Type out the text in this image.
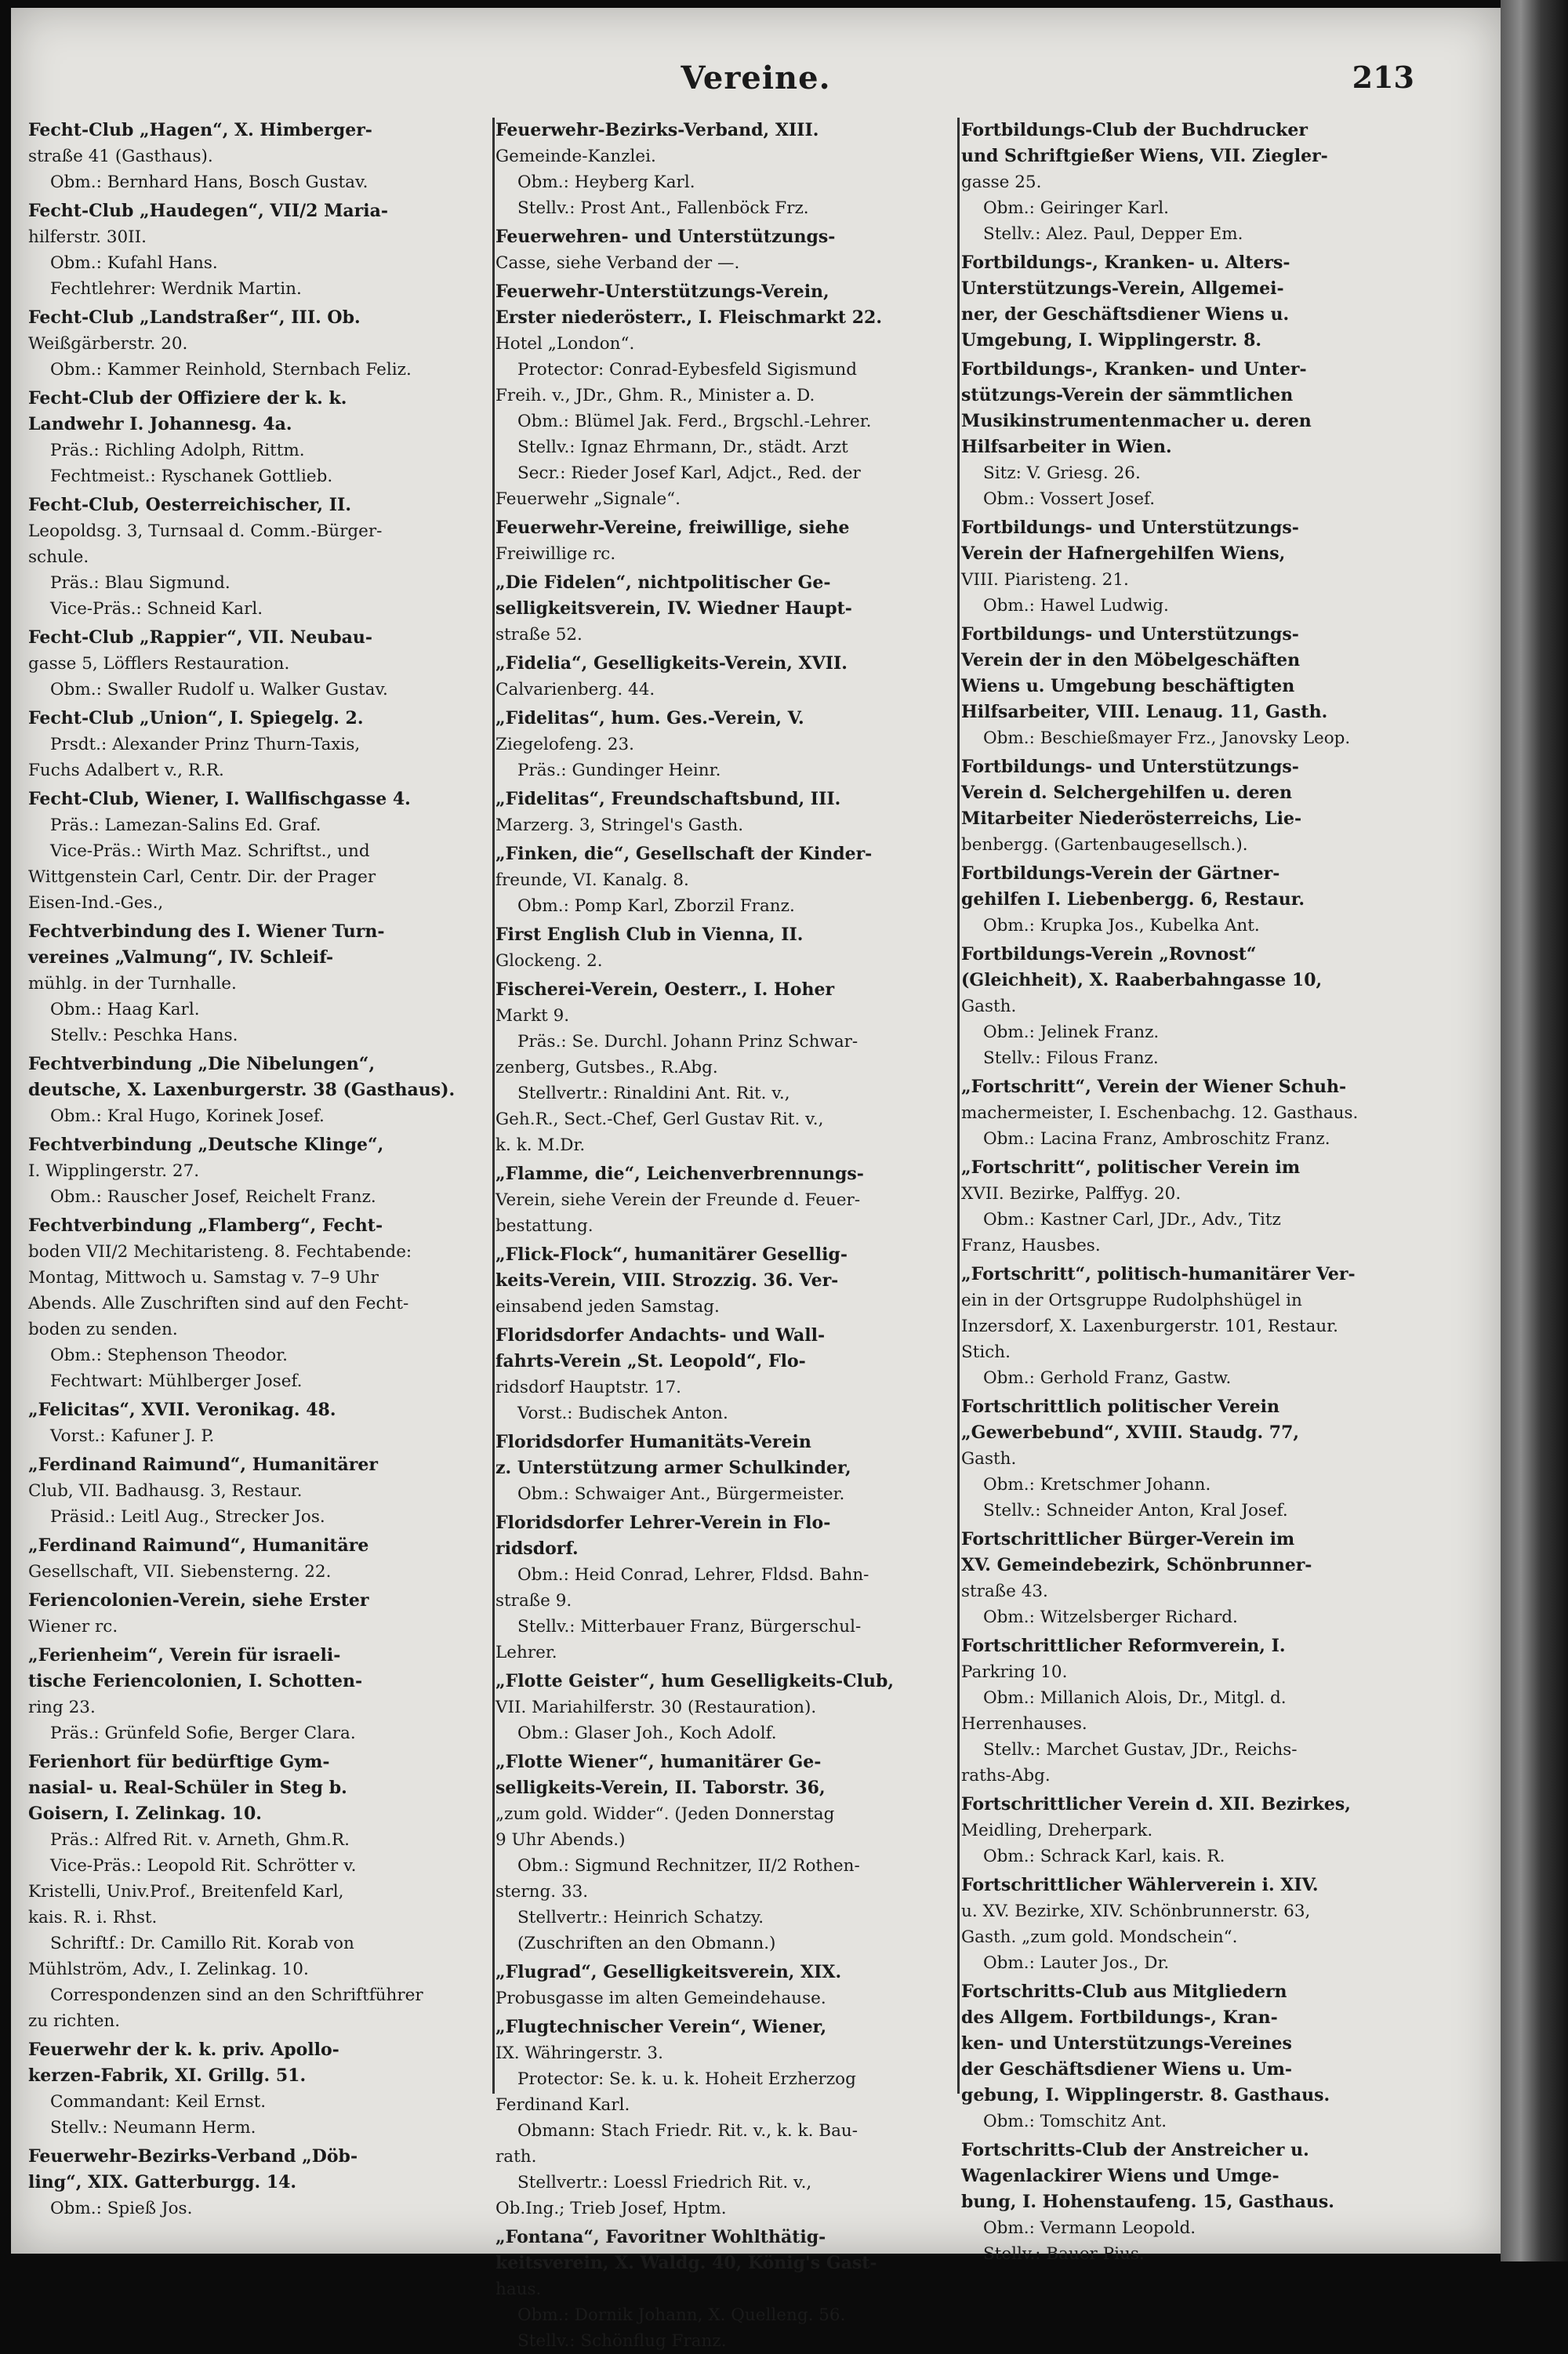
Vereine.	213
Fecht-Club „Hagen“, X. Himberger-
straße 41 (Gasthaus).
Obm.: Bernhard Hans, Bosch Gustav.
Fecht-Club „Haudegen“, VII/2 Maria-
hilferstr. 30II.
Obm.: Kufahl Hans.
Fechtlehrer: Werdnik Martin.
Fecht-Club „Landstraßer“, III. Ob.
Weißgärberstr. 20.
Obm.: Kammer Reinhold, Sternbach Feliz.
Fecht-Club der Offiziere der k. k.
Landwehr I. Johannesg. 4a.
Präs.: Richling Adolph, Rittm.
Fechtmeist.: Ryschanek Gottlieb.
Fecht-Club, Oesterreichischer, II.
Leopoldsg. 3, Turnsaal d. Comm.-Bürger-
schule.
Präs.: Blau Sigmund.
Vice-Präs.: Schneid Karl.
Fecht-Club „Rappier“, VII. Neubau-
gasse 5, Löfflers Restauration.
Obm.: Swaller Rudolf u. Walker Gustav.
Fecht-Club „Union“, I. Spiegelg. 2.
Prsdt.: Alexander Prinz Thurn-Taxis,
Fuchs Adalbert v., R.R.
Fecht-Club, Wiener, I. Wallfischgasse 4.
Präs.: Lamezan-Salins Ed. Graf.
Vice-Präs.: Wirth Maz. Schriftst., und
Wittgenstein Carl, Centr. Dir. der Prager
Eisen-Ind.-Ges.,
Fechtverbindung des I. Wiener Turn-
vereines „Valmung“, IV. Schleif-
mühlg. in der Turnhalle.
Obm.: Haag Karl.
Stellv.: Peschka Hans.
Fechtverbindung „Die Nibelungen“,
deutsche, X. Laxenburgerstr. 38 (Gasthaus).
Obm.: Kral Hugo, Korinek Josef.
Fechtverbindung „Deutsche Klinge“,
I. Wipplingerstr. 27.
Obm.: Rauscher Josef, Reichelt Franz.
Fechtverbindung „Flamberg“, Fecht-
boden VII/2 Mechitaristeng. 8. Fechtabende:
Montag, Mittwoch u. Samstag v. 7–9 Uhr
Abends. Alle Zuschriften sind auf den Fecht-
boden zu senden.
Obm.: Stephenson Theodor.
Fechtwart: Mühlberger Josef.
„Felicitas“, XVII. Veronikag. 48.
Vorst.: Kafuner J. P.
„Ferdinand Raimund“, Humanitärer
Club, VII. Badhausg. 3, Restaur.
Präsid.: Leitl Aug., Strecker Jos.
„Ferdinand Raimund“, Humanitäre
Gesellschaft, VII. Siebensterng. 22.
Feriencolonien-Verein, siehe Erster
Wiener rc.
„Ferienheim“, Verein für israeli-
tische Feriencolonien, I. Schotten-
ring 23.
Präs.: Grünfeld Sofie, Berger Clara.
Ferienhort für bedürftige Gym-
nasial- u. Real-Schüler in Steg b.
Goisern, I. Zelinkag. 10.
Präs.: Alfred Rit. v. Arneth, Ghm.R.
Vice-Präs.: Leopold Rit. Schrötter v.
Kristelli, Univ.Prof., Breitenfeld Karl,
kais. R. i. Rhst.
Schriftf.: Dr. Camillo Rit. Korab von
Mühlström, Adv., I. Zelinkag. 10.
Correspondenzen sind an den Schriftführer
zu richten.
Feuerwehr der k. k. priv. Apollo-
kerzen-Fabrik, XI. Grillg. 51.
Commandant: Keil Ernst.
Stellv.: Neumann Herm.
Feuerwehr-Bezirks-Verband „Döb-
ling“, XIX. Gatterburgg. 14.
Obm.: Spieß Jos.
Feuerwehr-Bezirks-Verband, XIII.
Gemeinde-Kanzlei.
Obm.: Heyberg Karl.
Stellv.: Prost Ant., Fallenböck Frz.
Feuerwehren- und Unterstützungs-
Casse, siehe Verband der —.
Feuerwehr-Unterstützungs-Verein,
Erster niederösterr., I. Fleischmarkt 22.
Hotel „London“.
Protector: Conrad-Eybesfeld Sigismund
Freih. v., JDr., Ghm. R., Minister a. D.
Obm.: Blümel Jak. Ferd., Brgschl.-Lehrer.
Stellv.: Ignaz Ehrmann, Dr., städt. Arzt
Secr.: Rieder Josef Karl, Adjct., Red. der
Feuerwehr „Signale“.
Feuerwehr-Vereine, freiwillige, siehe
Freiwillige rc.
„Die Fidelen“, nichtpolitischer Ge-
selligkeitsverein, IV. Wiedner Haupt-
straße 52.
„Fidelia“, Geselligkeits-Verein, XVII.
Calvarienberg. 44.
„Fidelitas“, hum. Ges.-Verein, V.
Ziegelofeng. 23.
Präs.: Gundinger Heinr.
„Fidelitas“, Freundschaftsbund, III.
Marzerg. 3, Stringel's Gasth.
„Finken, die“, Gesellschaft der Kinder-
freunde, VI. Kanalg. 8.
Obm.: Pomp Karl, Zborzil Franz.
First English Club in Vienna, II.
Glockeng. 2.
Fischerei-Verein, Oesterr., I. Hoher
Markt 9.
Präs.: Se. Durchl. Johann Prinz Schwar-
zenberg, Gutsbes., R.Abg.
Stellvertr.: Rinaldini Ant. Rit. v.,
Geh.R., Sect.-Chef, Gerl Gustav Rit. v.,
k. k. M.Dr.
„Flamme, die“, Leichenverbrennungs-
Verein, siehe Verein der Freunde d. Feuer-
bestattung.
„Flick-Flock“, humanitärer Gesellig-
keits-Verein, VIII. Strozzig. 36. Ver-
einsabend jeden Samstag.
Floridsdorfer Andachts- und Wall-
fahrts-Verein „St. Leopold“, Flo-
ridsdorf Hauptstr. 17.
Vorst.: Budischek Anton.
Floridsdorfer Humanitäts-Verein
z. Unterstützung armer Schulkinder,
Obm.: Schwaiger Ant., Bürgermeister.
Floridsdorfer Lehrer-Verein in Flo-
ridsdorf.
Obm.: Heid Conrad, Lehrer, Fldsd. Bahn-
straße 9.
Stellv.: Mitterbauer Franz, Bürgerschul-
Lehrer.
„Flotte Geister“, hum Geselligkeits-Club,
VII. Mariahilferstr. 30 (Restauration).
Obm.: Glaser Joh., Koch Adolf.
„Flotte Wiener“, humanitärer Ge-
selligkeits-Verein, II. Taborstr. 36,
„zum gold. Widder“. (Jeden Donnerstag
9 Uhr Abends.)
Obm.: Sigmund Rechnitzer, II/2 Rothen-
sterng. 33.
Stellvertr.: Heinrich Schatzy.
(Zuschriften an den Obmann.)
„Flugrad“, Geselligkeitsverein, XIX.
Probusgasse im alten Gemeindehause.
„Flugtechnischer Verein“, Wiener,
IX. Währingerstr. 3.
Protector: Se. k. u. k. Hoheit Erzherzog
Ferdinand Karl.
Obmann: Stach Friedr. Rit. v., k. k. Bau-
rath.
Stellvertr.: Loessl Friedrich Rit. v.,
Ob.Ing.; Trieb Josef, Hptm.
„Fontana“, Favoritner Wohlthätig-
keitsverein, X. Waldg. 40, König's Gast-
haus.
Obm.: Dornik Johann, X. Quelleng. 56.
Stellv.: Schönflug Franz.
Fortbildungs-Club der Buchdrucker
und Schriftgießer Wiens, VII. Ziegler-
gasse 25.
Obm.: Geiringer Karl.
Stellv.: Alez. Paul, Depper Em.
Fortbildungs-, Kranken- u. Alters-
Unterstützungs-Verein, Allgemei-
ner, der Geschäftsdiener Wiens u.
Umgebung, I. Wipplingerstr. 8.
Fortbildungs-, Kranken- und Unter-
stützungs-Verein der sämmtlichen
Musikinstrumentenmacher u. deren
Hilfsarbeiter in Wien.
Sitz: V. Griesg. 26.
Obm.: Vossert Josef.
Fortbildungs- und Unterstützungs-
Verein der Hafnergehilfen Wiens,
VIII. Piaristeng. 21.
Obm.: Hawel Ludwig.
Fortbildungs- und Unterstützungs-
Verein der in den Möbelgeschäften
Wiens u. Umgebung beschäftigten
Hilfsarbeiter, VIII. Lenaug. 11, Gasth.
Obm.: Beschießmayer Frz., Janovsky Leop.
Fortbildungs- und Unterstützungs-
Verein d. Selchergehilfen u. deren
Mitarbeiter Niederösterreichs, Lie-
benbergg. (Gartenbaugesellsch.).
Fortbildungs-Verein der Gärtner-
gehilfen I. Liebenbergg. 6, Restaur.
Obm.: Krupka Jos., Kubelka Ant.
Fortbildungs-Verein „Rovnost“
(Gleichheit), X. Raaberbahngasse 10,
Gasth.
Obm.: Jelinek Franz.
Stellv.: Filous Franz.
„Fortschritt“, Verein der Wiener Schuh-
machermeister, I. Eschenbachg. 12. Gasthaus.
Obm.: Lacina Franz, Ambroschitz Franz.
„Fortschritt“, politischer Verein im
XVII. Bezirke, Palffyg. 20.
Obm.: Kastner Carl, JDr., Adv., Titz
Franz, Hausbes.
„Fortschritt“, politisch-humanitärer Ver-
ein in der Ortsgruppe Rudolphshügel in
Inzersdorf, X. Laxenburgerstr. 101, Restaur.
Stich.
Obm.: Gerhold Franz, Gastw.
Fortschrittlich politischer Verein
„Gewerbebund“, XVIII. Staudg. 77,
Gasth.
Obm.: Kretschmer Johann.
Stellv.: Schneider Anton, Kral Josef.
Fortschrittlicher Bürger-Verein im
XV. Gemeindebezirk, Schönbrunner-
straße 43.
Obm.: Witzelsberger Richard.
Fortschrittlicher Reformverein, I.
Parkring 10.
Obm.: Millanich Alois, Dr., Mitgl. d.
Herrenhauses.
Stellv.: Marchet Gustav, JDr., Reichs-
raths-Abg.
Fortschrittlicher Verein d. XII. Bezirkes,
Meidling, Dreherpark.
Obm.: Schrack Karl, kais. R.
Fortschrittlicher Wählerverein i. XIV.
u. XV. Bezirke, XIV. Schönbrunnerstr. 63,
Gasth. „zum gold. Mondschein“.
Obm.: Lauter Jos., Dr.
Fortschritts-Club aus Mitgliedern
des Allgem. Fortbildungs-, Kran-
ken- und Unterstützungs-Vereines
der Geschäftsdiener Wiens u. Um-
gebung, I. Wipplingerstr. 8. Gasthaus.
Obm.: Tomschitz Ant.
Fortschritts-Club der Anstreicher u.
Wagenlackirer Wiens und Umge-
bung, I. Hohenstaufeng. 15, Gasthaus.
Obm.: Vermann Leopold.
Stellv.: Bauer Pius.
